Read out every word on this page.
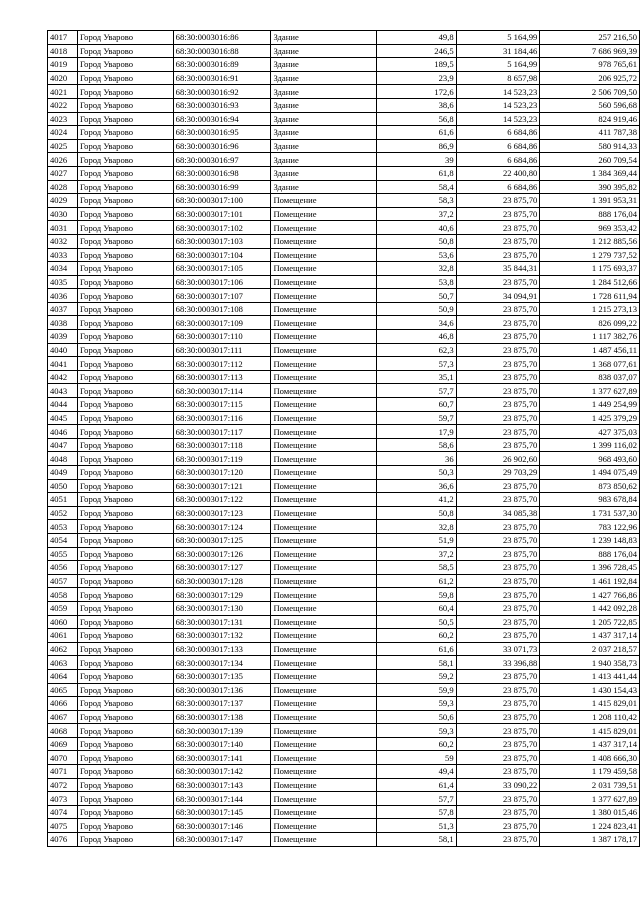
4017	Город Уварово	68:30:0003016:86	Здание	49,8	5 164,99	257 216,50
4018	Город Уварово	68:30:0003016:88	Здание	246,5	31 184,46	7 686 969,39
4019	Город Уварово	68:30:0003016:89	Здание	189,5	5 164,99	978 765,61
4020	Город Уварово	68:30:0003016:91	Здание	23,9	8 657,98	206 925,72
4021	Город Уварово	68:30:0003016:92	Здание	172,6	14 523,23	2 506 709,50
4022	Город Уварово	68:30:0003016:93	Здание	38,6	14 523,23	560 596,68
4023	Город Уварово	68:30:0003016:94	Здание	56,8	14 523,23	824 919,46
4024	Город Уварово	68:30:0003016:95	Здание	61,6	6 684,86	411 787,38
4025	Город Уварово	68:30:0003016:96	Здание	86,9	6 684,86	580 914,33
4026	Город Уварово	68:30:0003016:97	Здание	39	6 684,86	260 709,54
4027	Город Уварово	68:30:0003016:98	Здание	61,8	22 400,80	1 384 369,44
4028	Город Уварово	68:30:0003016:99	Здание	58,4	6 684,86	390 395,82
4029	Город Уварово	68:30:0003017:100	Помещение	58,3	23 875,70	1 391 953,31
4030	Город Уварово	68:30:0003017:101	Помещение	37,2	23 875,70	888 176,04
4031	Город Уварово	68:30:0003017:102	Помещение	40,6	23 875,70	969 353,42
4032	Город Уварово	68:30:0003017:103	Помещение	50,8	23 875,70	1 212 885,56
4033	Город Уварово	68:30:0003017:104	Помещение	53,6	23 875,70	1 279 737,52
4034	Город Уварово	68:30:0003017:105	Помещение	32,8	35 844,31	1 175 693,37
4035	Город Уварово	68:30:0003017:106	Помещение	53,8	23 875,70	1 284 512,66
4036	Город Уварово	68:30:0003017:107	Помещение	50,7	34 094,91	1 728 611,94
4037	Город Уварово	68:30:0003017:108	Помещение	50,9	23 875,70	1 215 273,13
4038	Город Уварово	68:30:0003017:109	Помещение	34,6	23 875,70	826 099,22
4039	Город Уварово	68:30:0003017:110	Помещение	46,8	23 875,70	1 117 382,76
4040	Город Уварово	68:30:0003017:111	Помещение	62,3	23 875,70	1 487 456,11
4041	Город Уварово	68:30:0003017:112	Помещение	57,3	23 875,70	1 368 077,61
4042	Город Уварово	68:30:0003017:113	Помещение	35,1	23 875,70	838 037,07
4043	Город Уварово	68:30:0003017:114	Помещение	57,7	23 875,70	1 377 627,89
4044	Город Уварово	68:30:0003017:115	Помещение	60,7	23 875,70	1 449 254,99
4045	Город Уварово	68:30:0003017:116	Помещение	59,7	23 875,70	1 425 379,29
4046	Город Уварово	68:30:0003017:117	Помещение	17,9	23 875,70	427 375,03
4047	Город Уварово	68:30:0003017:118	Помещение	58,6	23 875,70	1 399 116,02
4048	Город Уварово	68:30:0003017:119	Помещение	36	26 902,60	968 493,60
4049	Город Уварово	68:30:0003017:120	Помещение	50,3	29 703,29	1 494 075,49
4050	Город Уварово	68:30:0003017:121	Помещение	36,6	23 875,70	873 850,62
4051	Город Уварово	68:30:0003017:122	Помещение	41,2	23 875,70	983 678,84
4052	Город Уварово	68:30:0003017:123	Помещение	50,8	34 085,38	1 731 537,30
4053	Город Уварово	68:30:0003017:124	Помещение	32,8	23 875,70	783 122,96
4054	Город Уварово	68:30:0003017:125	Помещение	51,9	23 875,70	1 239 148,83
4055	Город Уварово	68:30:0003017:126	Помещение	37,2	23 875,70	888 176,04
4056	Город Уварово	68:30:0003017:127	Помещение	58,5	23 875,70	1 396 728,45
4057	Город Уварово	68:30:0003017:128	Помещение	61,2	23 875,70	1 461 192,84
4058	Город Уварово	68:30:0003017:129	Помещение	59,8	23 875,70	1 427 766,86
4059	Город Уварово	68:30:0003017:130	Помещение	60,4	23 875,70	1 442 092,28
4060	Город Уварово	68:30:0003017:131	Помещение	50,5	23 875,70	1 205 722,85
4061	Город Уварово	68:30:0003017:132	Помещение	60,2	23 875,70	1 437 317,14
4062	Город Уварово	68:30:0003017:133	Помещение	61,6	33 071,73	2 037 218,57
4063	Город Уварово	68:30:0003017:134	Помещение	58,1	33 396,88	1 940 358,73
4064	Город Уварово	68:30:0003017:135	Помещение	59,2	23 875,70	1 413 441,44
4065	Город Уварово	68:30:0003017:136	Помещение	59,9	23 875,70	1 430 154,43
4066	Город Уварово	68:30:0003017:137	Помещение	59,3	23 875,70	1 415 829,01
4067	Город Уварово	68:30:0003017:138	Помещение	50,6	23 875,70	1 208 110,42
4068	Город Уварово	68:30:0003017:139	Помещение	59,3	23 875,70	1 415 829,01
4069	Город Уварово	68:30:0003017:140	Помещение	60,2	23 875,70	1 437 317,14
4070	Город Уварово	68:30:0003017:141	Помещение	59	23 875,70	1 408 666,30
4071	Город Уварово	68:30:0003017:142	Помещение	49,4	23 875,70	1 179 459,58
4072	Город Уварово	68:30:0003017:143	Помещение	61,4	33 090,22	2 031 739,51
4073	Город Уварово	68:30:0003017:144	Помещение	57,7	23 875,70	1 377 627,89
4074	Город Уварово	68:30:0003017:145	Помещение	57,8	23 875,70	1 380 015,46
4075	Город Уварово	68:30:0003017:146	Помещение	51,3	23 875,70	1 224 823,41
4076	Город Уварово	68:30:0003017:147	Помещение	58,1	23 875,70	1 387 178,17
